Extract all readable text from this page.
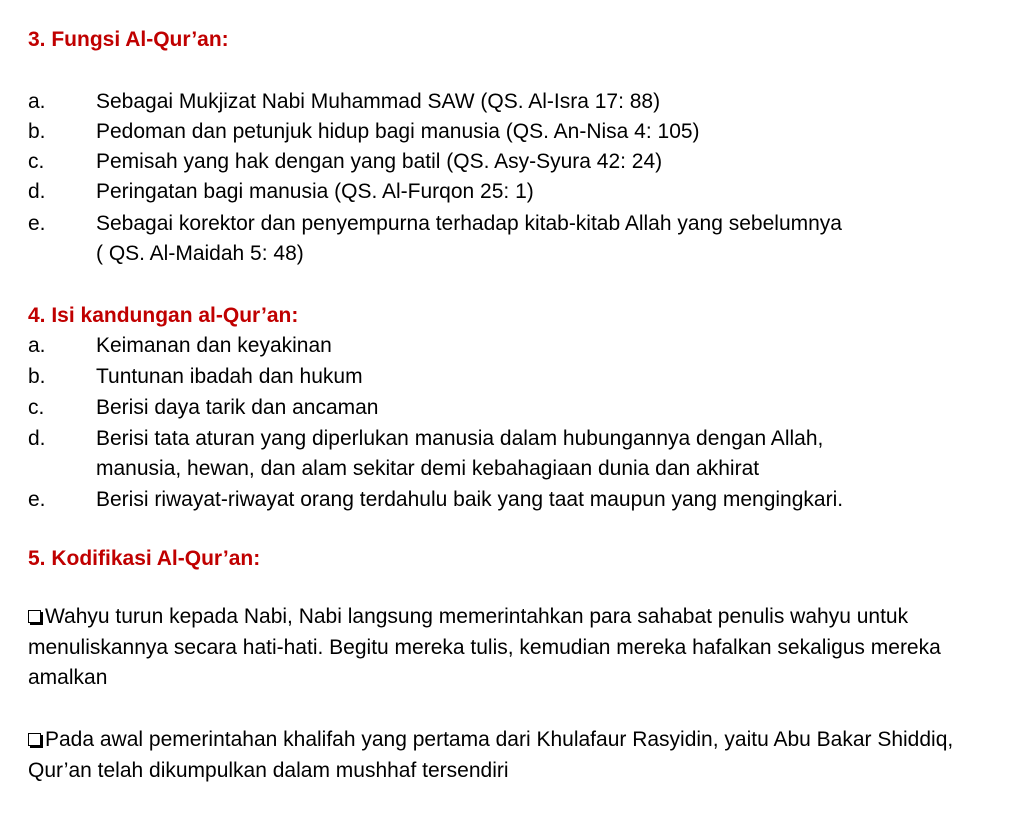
3. Fungsi Al-Qur’an:
a.	Sebagai Mukjizat Nabi Muhammad SAW (QS. Al-Isra 17: 88)
b.	Pedoman dan petunjuk hidup bagi manusia (QS. An-Nisa 4: 105)
c.	Pemisah yang hak dengan yang batil (QS. Asy-Syura 42: 24)
d.	Peringatan bagi manusia (QS. Al-Furqon 25: 1)
e.	Sebagai korektor dan penyempurna terhadap kitab-kitab Allah yang sebelumnya
( QS. Al-Maidah 5: 48)
4. Isi kandungan al-Qur’an:
a.	Keimanan dan keyakinan
b.	Tuntunan ibadah dan hukum
c.	Berisi daya tarik dan ancaman
d.	Berisi tata aturan yang diperlukan manusia dalam hubungannya dengan Allah,
manusia, hewan, dan alam sekitar demi kebahagiaan dunia dan akhirat
e.	Berisi riwayat-riwayat orang terdahulu baik yang taat maupun yang mengingkari.
5. Kodifikasi Al-Qur’an:
Wahyu turun kepada Nabi, Nabi langsung memerintahkan para sahabat penulis wahyu untuk menuliskannya secara hati-hati. Begitu mereka tulis, kemudian mereka hafalkan sekaligus mereka amalkan
Pada awal pemerintahan khalifah yang pertama dari Khulafaur Rasyidin, yaitu Abu Bakar Shiddiq, Qur’an telah dikumpulkan dalam mushhaf tersendiri
